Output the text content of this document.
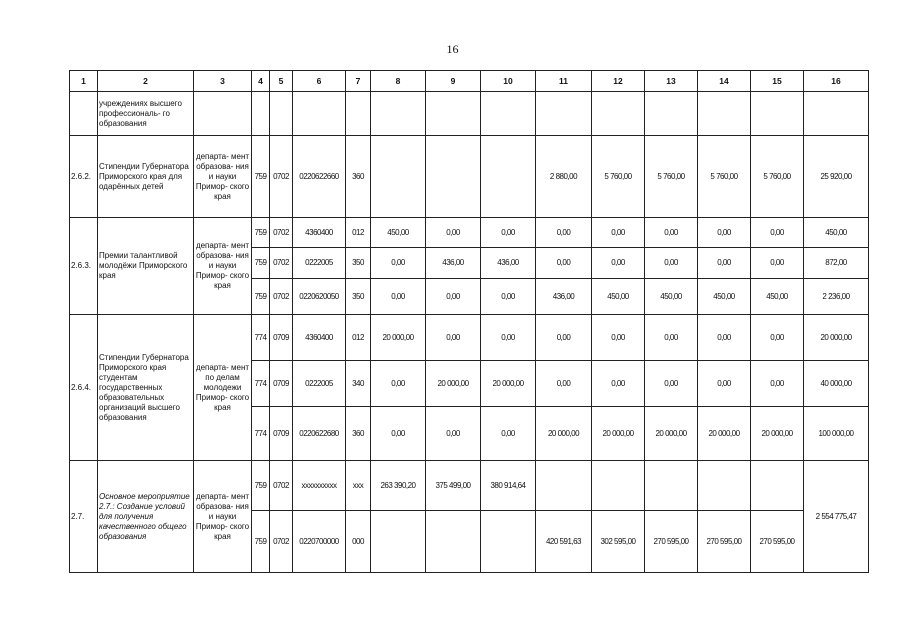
16
1	2	3	4	5	6	7	8	9	10	11	12	13	14	15	16
	учреждениях высшего профессиональ- го образования														
2.6.2.	Стипендии Губернатора Приморского края для одарённых детей	департа- мент образова- ния и науки Примор- ского края	759	0702	0220622660	360				2 880,00	5 760,00	5 760,00	5 760,00	5 760,00	25 920,00
2.6.3.	Премии талантливой молодёжи Приморского края	департа- мент образова- ния и науки Примор- ского края	759	0702	4360400	012	450,00	0,00	0,00	0,00	0,00	0,00	0,00	0,00	450,00
			759	0702	0222005	350	0,00	436,00	436,00	0,00	0,00	0,00	0,00	0,00	872,00
			759	0702	0220620050	350	0,00	0,00	0,00	436,00	450,00	450,00	450,00	450,00	2 236,00
2.6.4.	Стипендии Губернатора Приморского края студентам государственных образовательных организаций высшего образования	департа- мент по делам молодежи Примор- ского края	774	0709	4360400	012	20 000,00	0,00	0,00	0,00	0,00	0,00	0,00	0,00	20 000,00
			774	0709	0222005	340	0,00	20 000,00	20 000,00	0,00	0,00	0,00	0,00	0,00	40 000,00
			774	0709	0220622680	360	0,00	0,00	0,00	20 000,00	20 000,00	20 000,00	20 000,00	20 000,00	100 000,00
2.7.	Основное мероприятие 2.7.: Создание условий для получения качественного общего образования	департа- мент образова- ния и науки Примор- ского края	759	0702	xxxxxxxxxx	xxx	263 390,20	375 499,00	380 914,64						2 554 775,47
			759	0702	0220700000	000				420 591,63	302 595,00	270 595,00	270 595,00	270 595,00	
